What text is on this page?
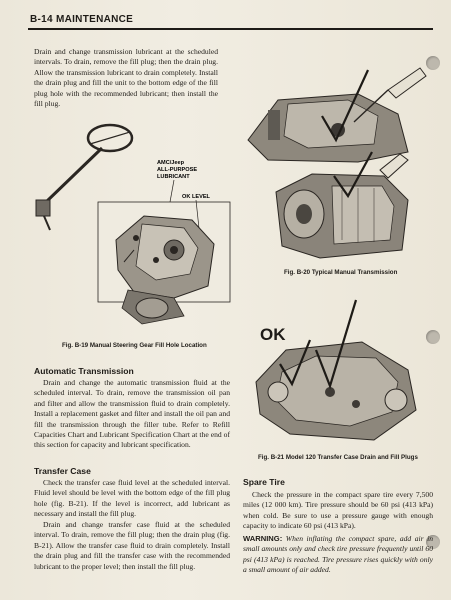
B-14 MAINTENANCE
Drain and change transmission lubricant at the scheduled intervals. To drain, remove the fill plug; then the drain plug. Allow the transmission lubricant to drain completely. Install the drain plug and fill the unit to the bottom edge of the fill plug hole with the recommended lubricant; then install the fill plug.
AMC/Jeep
ALL-PURPOSE
LUBRICANT
OK LEVEL
Fig. B-19 Manual Steering Gear Fill Hole Location
Fig. B-20 Typical Manual Transmission
OK
Fig. B-21 Model 120 Transfer Case Drain and Fill Plugs
Automatic Transmission
Drain and change the automatic transmission fluid at the scheduled interval. To drain, remove the transmission oil pan and filter and allow the transmission fluid to drain completely. Install a replacement gasket and filter and install the oil pan and fill the transmission through the filler tube. Refer to Refill Capacities Chart and Lubricant Specification Chart at the end of this section for capacity and lubricant specification.
Transfer Case
Check the transfer case fluid level at the scheduled interval. Fluid level should be level with the bottom edge of the fill plug hole (fig. B-21). If the level is incorrect, add lubricant as necessary and install the fill plug.
Drain and change transfer case fluid at the scheduled interval. To drain, remove the fill plug; then the drain plug (fig. B-21). Allow the transfer case fluid to drain completely. Install the drain plug and fill the transfer case with the recommended lubricant to the proper level; then install the fill plug.
Spare Tire
Check the pressure in the compact spare tire every 7,500 miles (12 000 km). Tire pressure should be 60 psi (413 kPa) when cold. Be sure to use a pressure gauge with enough capacity to indicate 60 psi (413 kPa).
WARNING: When inflating the compact spare, add air in small amounts only and check tire pressure frequently until 60 psi (413 kPa) is reached. Tire pressure rises quickly with only a small amount of air added.
